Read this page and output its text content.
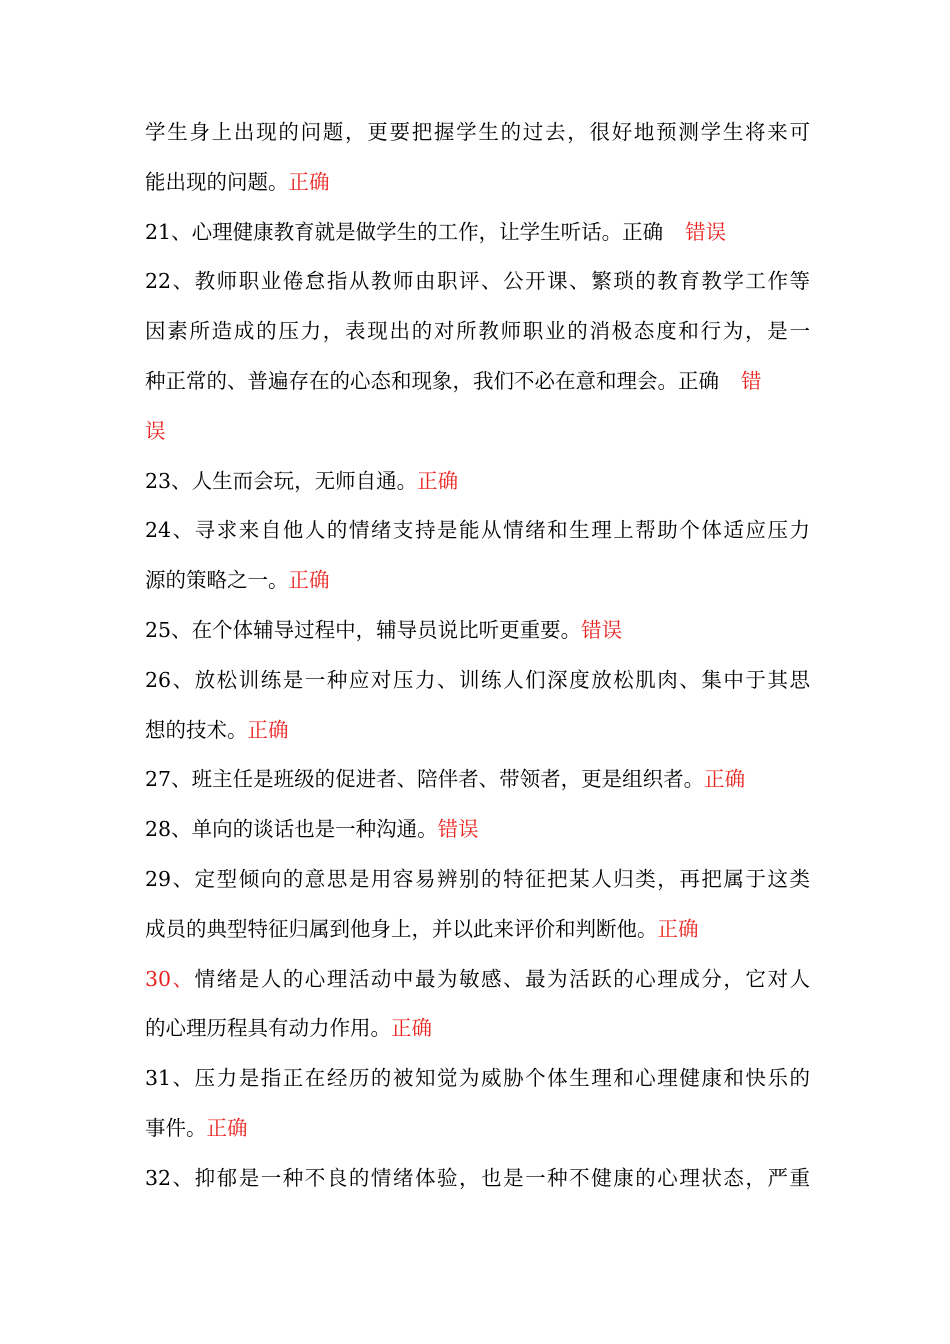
学生身上出现的问题，更要把握学生的过去，很好地预测学生将来可
能出现的问题。正确
21、心理健康教育就是做学生的工作，让学生听话。正确 错误
22、教师职业倦怠指从教师由职评、公开课、繁琐的教育教学工作等
因素所造成的压力，表现出的对所教师职业的消极态度和行为，是一
种正常的、普遍存在的心态和现象，我们不必在意和理会。正确 错
误
23、人生而会玩，无师自通。正确
24、寻求来自他人的情绪支持是能从情绪和生理上帮助个体适应压力
源的策略之一。正确
25、在个体辅导过程中，辅导员说比听更重要。错误
26、放松训练是一种应对压力、训练人们深度放松肌肉、集中于其思
想的技术。正确
27、班主任是班级的促进者、陪伴者、带领者，更是组织者。正确
28、单向的谈话也是一种沟通。错误
29、定型倾向的意思是用容易辨别的特征把某人归类，再把属于这类
成员的典型特征归属到他身上，并以此来评价和判断他。正确
30、情绪是人的心理活动中最为敏感、最为活跃的心理成分，它对人
的心理历程具有动力作用。正确
31、压力是指正在经历的被知觉为威胁个体生理和心理健康和快乐的
事件。正确
32、抑郁是一种不良的情绪体验，也是一种不健康的心理状态，严重
